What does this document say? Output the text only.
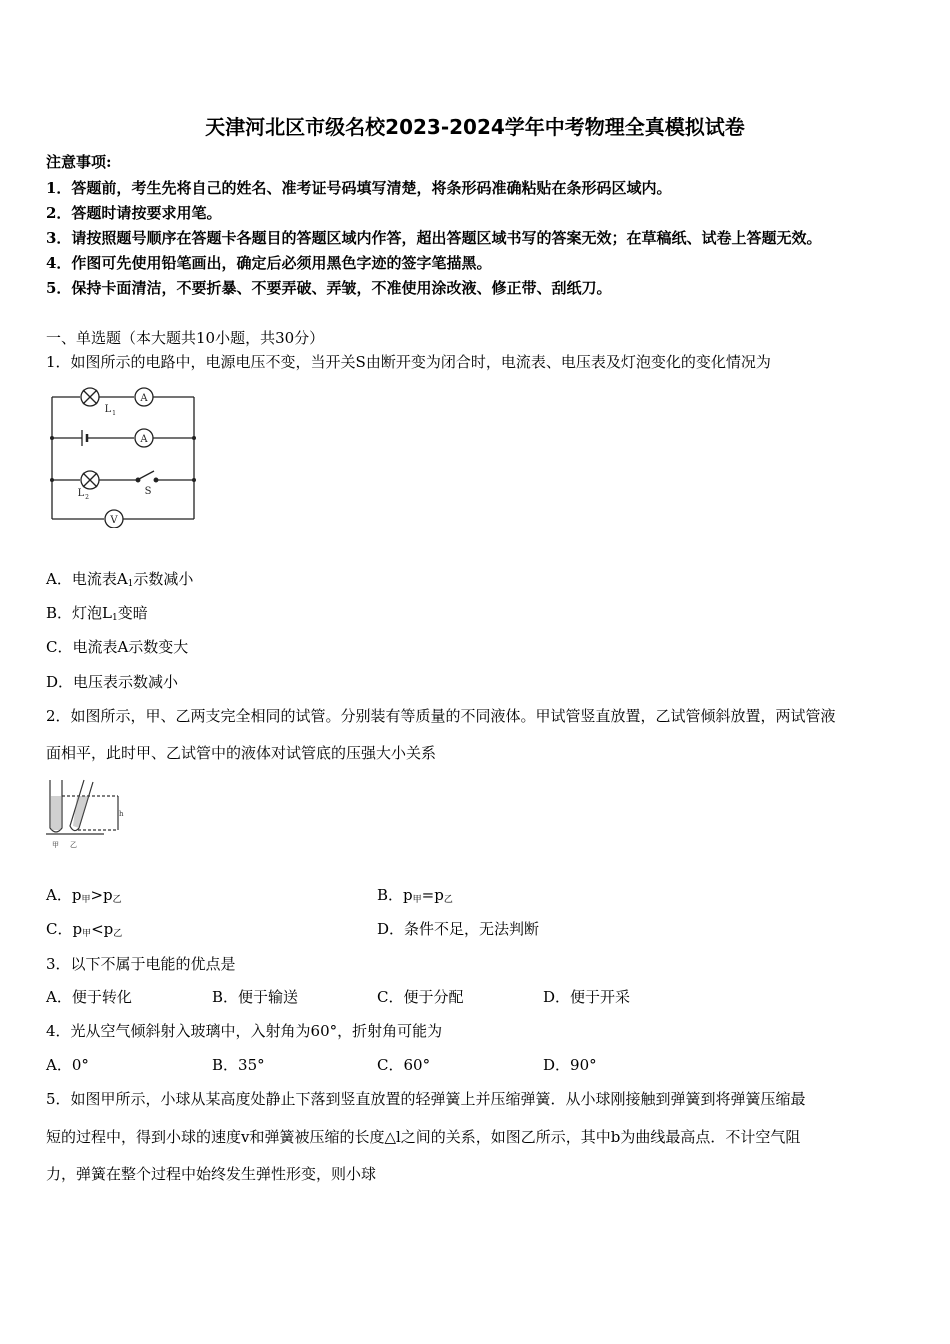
天津河北区市级名校2023-2024学年中考物理全真模拟试卷
注意事项:
1．答题前，考生先将自己的姓名、准考证号码填写清楚，将条形码准确粘贴在条形码区域内。
2．答题时请按要求用笔。
3．请按照题号顺序在答题卡各题目的答题区域内作答，超出答题区域书写的答案无效；在草稿纸、试卷上答题无效。
4．作图可先使用铅笔画出，确定后必须用黑色字迹的签字笔描黑。
5．保持卡面清洁，不要折暴、不要弄破、弄皱，不准使用涂改液、修正带、刮纸刀。
一、单选题（本大题共10小题，共30分）
1．如图所示的电路中，电源电压不变，当开关S由断开变为闭合时，电流表、电压表及灯泡变化的变化情况为
A
A
V
L 1
L 2
S
A．电流表$A_1$示数减小
B．灯泡$L_1$变暗
C．电流表A示数变大
D．电压表示数减小
2．如图所示，甲、乙两支完全相同的试管。分别装有等质量的不同液体。甲试管竖直放置，乙试管倾斜放置，两试管液
面相平，此时甲、乙试管中的液体对试管底的压强大小关系
h
甲 乙
A．$p_甲>p_乙$	B．$p_甲=p_乙$
C．$p_甲<p_乙$	D．条件不足，无法判断
3．以下不属于电能的优点是
A．便于转化	B．便于输送	C．便于分配	D．便于开采
4．光从空气倾斜射入玻璃中，入射角为60°，折射角可能为
A．0°	B．35°	C．60°	D．90°
5．如图甲所示，小球从某高度处静止下落到竖直放置的轻弹簧上并压缩弹簧．从小球刚接触到弹簧到将弹簧压缩最
短的过程中，得到小球的速度v和弹簧被压缩的长度△l之间的关系，如图乙所示，其中b为曲线最高点．不计空气阻
力，弹簧在整个过程中始终发生弹性形变，则小球
